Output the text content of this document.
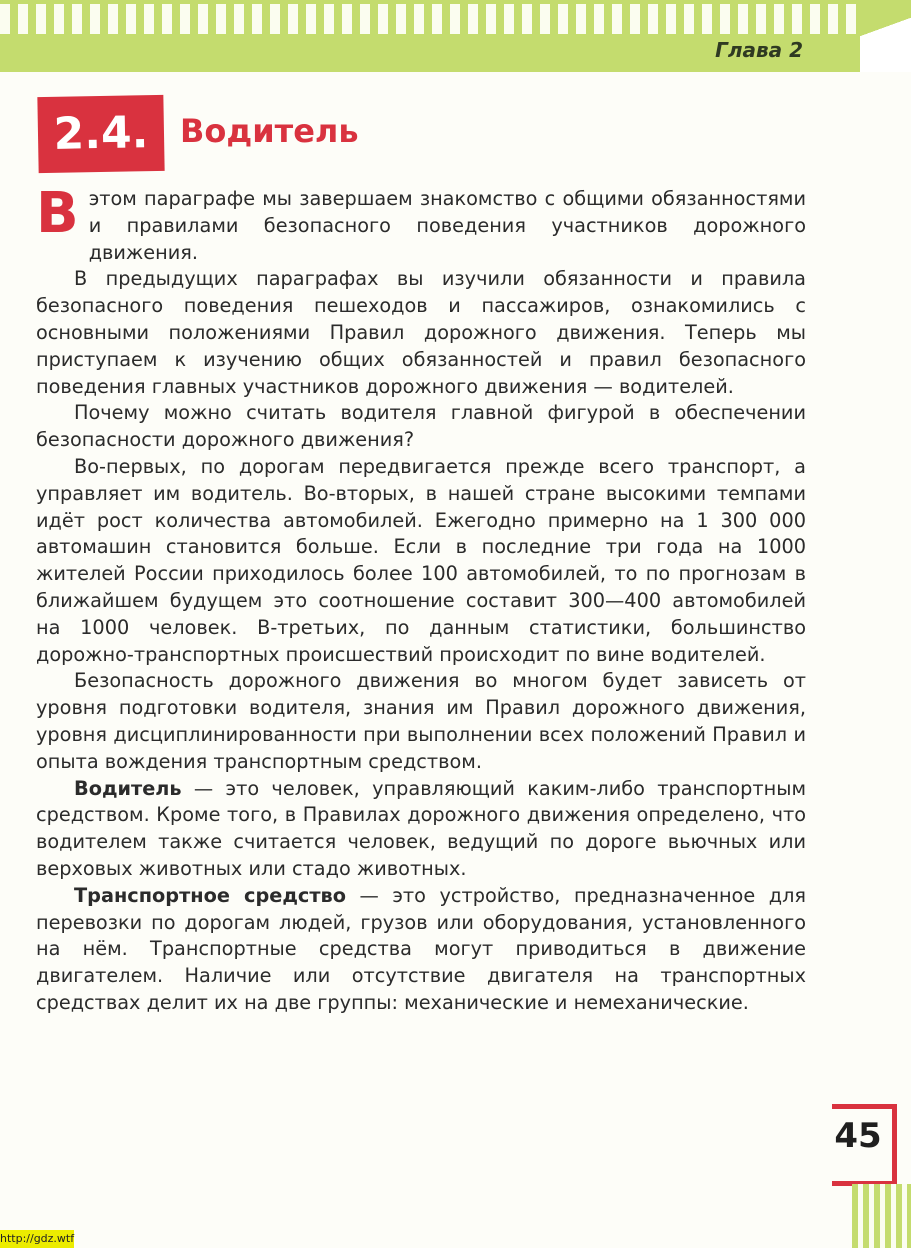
Глава 2
2.4. Водитель

Вэтом параграфе мы завершаем знакомство с общими обязанностями и правилами безопасного поведения участников дорожного движения.

В предыдущих параграфах вы изучили обязанности и правила безопасного поведения пешеходов и пассажиров, ознакомились с основными положениями Правил дорожного движения. Теперь мы приступаем к изучению общих обязанностей и правил безопасного поведения главных участников дорожного движения — водителей.

Почему можно считать водителя главной фигурой в обеспечении безопасности дорожного движения?

Во-первых, по дорогам передвигается прежде всего транспорт, а управляет им водитель. Во-вторых, в нашей стране высокими темпами идёт рост количества автомобилей. Ежегодно примерно на 1 300 000 автомашин становится больше. Если в последние три года на 1000 жителей России приходилось более 100 автомобилей, то по прогнозам в ближайшем будущем это соотношение составит 300—400 автомобилей на 1000 человек. В-третьих, по данным статистики, большинство дорожно-транспортных происшествий происходит по вине водителей.

Безопасность дорожного движения во многом будет зависеть от уровня подготовки водителя, знания им Правил дорожного движения, уровня дисциплинированности при выполнении всех положений Правил и опыта вождения транспортным средством.

Водитель — это человек, управляющий каким-либо транспортным средством. Кроме того, в Правилах дорожного движения определено, что водителем также считается человек, ведущий по дороге вьючных или верховых животных или стадо животных.

Транспортное средство — это устройство, предназначенное для перевозки по дорогам людей, грузов или оборудования, установленного на нём. Транспортные средства могут приводиться в движение двигателем. Наличие или отсутствие двигателя на транспортных средствах делит их на две группы: механические и немеханические.

45
http://gdz.wtf
